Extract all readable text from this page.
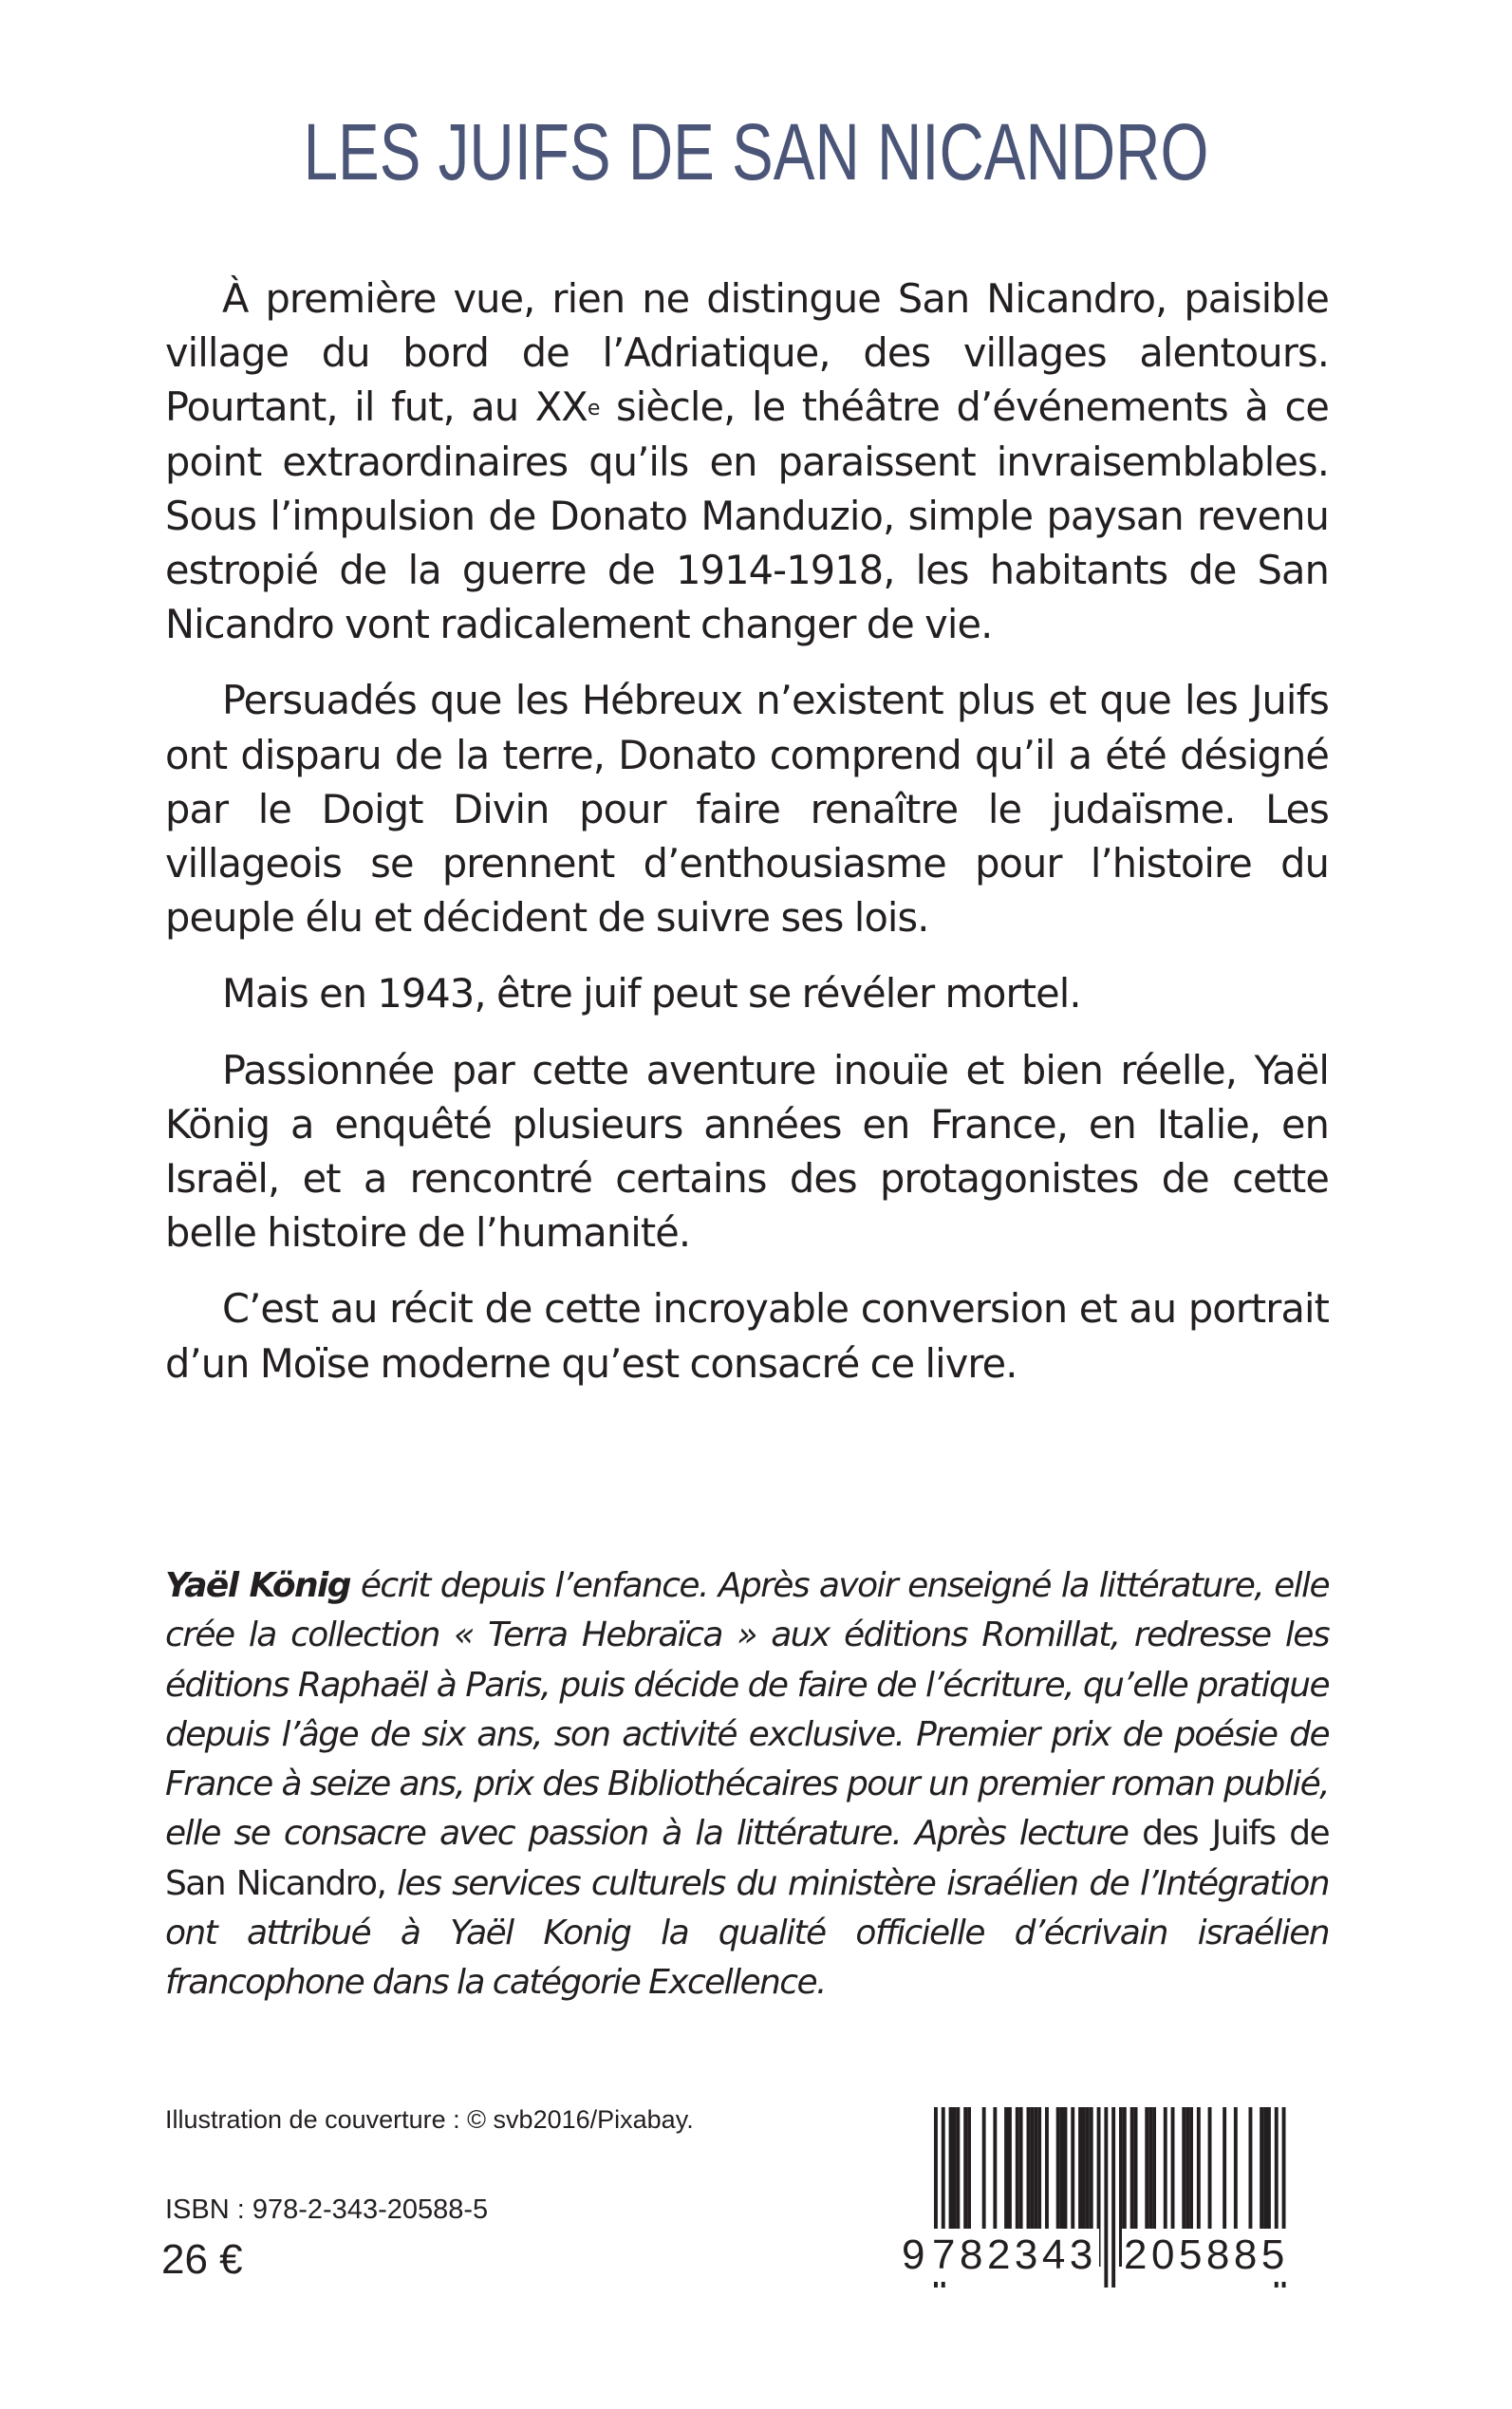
LES JUIFS DE SAN NICANDRO

À première vue, rien ne distingue San Nicandro, paisible village du bord de l’Adriatique, des villages alentours. Pourtant, il fut, au XXe siècle, le théâtre d’événements à ce point extraordinaires qu’ils en paraissent invraisemblables. Sous l’impulsion de Donato Manduzio, simple paysan revenu estropié de la guerre de 1914-1918, les habitants de San Nicandro vont radicalement changer de vie.

Persuadés que les Hébreux n’existent plus et que les Juifs ont disparu de la terre, Donato comprend qu’il a été désigné par le Doigt Divin pour faire renaître le judaïsme. Les villageois se prennent d’enthousiasme pour l’histoire du peuple élu et décident de suivre ses lois.

Mais en 1943, être juif peut se révéler mortel.

Passionnée par cette aventure inouïe et bien réelle, Yaël König a enquêté plusieurs années en France, en Italie, en Israël, et a rencontré certains des protagonistes de cette belle histoire de l’humanité.

C’est au récit de cette incroyable conversion et au portrait d’un Moïse moderne qu’est consacré ce livre.

Yaël König écrit depuis l’enfance. Après avoir enseigné la littérature, elle crée la collection « Terra Hebraïca » aux éditions Romillat, redresse les éditions Raphaël à Paris, puis décide de faire de l’écriture, qu’elle pratique depuis l’âge de six ans, son activité exclusive. Premier prix de poésie de France à seize ans, prix des Bibliothécaires pour un premier roman publié, elle se consacre avec passion à la littérature. Après lecture des Juifs de San Nicandro, les services culturels du ministère israélien de l’Intégration ont attribué à Yaël Konig la qualité officielle d’écrivain israélien francophone dans la catégorie Excellence.

Illustration de couverture : © svb2016/Pixabay.

ISBN : 978-2-343-20588-5

26 €	9 782343 205885
